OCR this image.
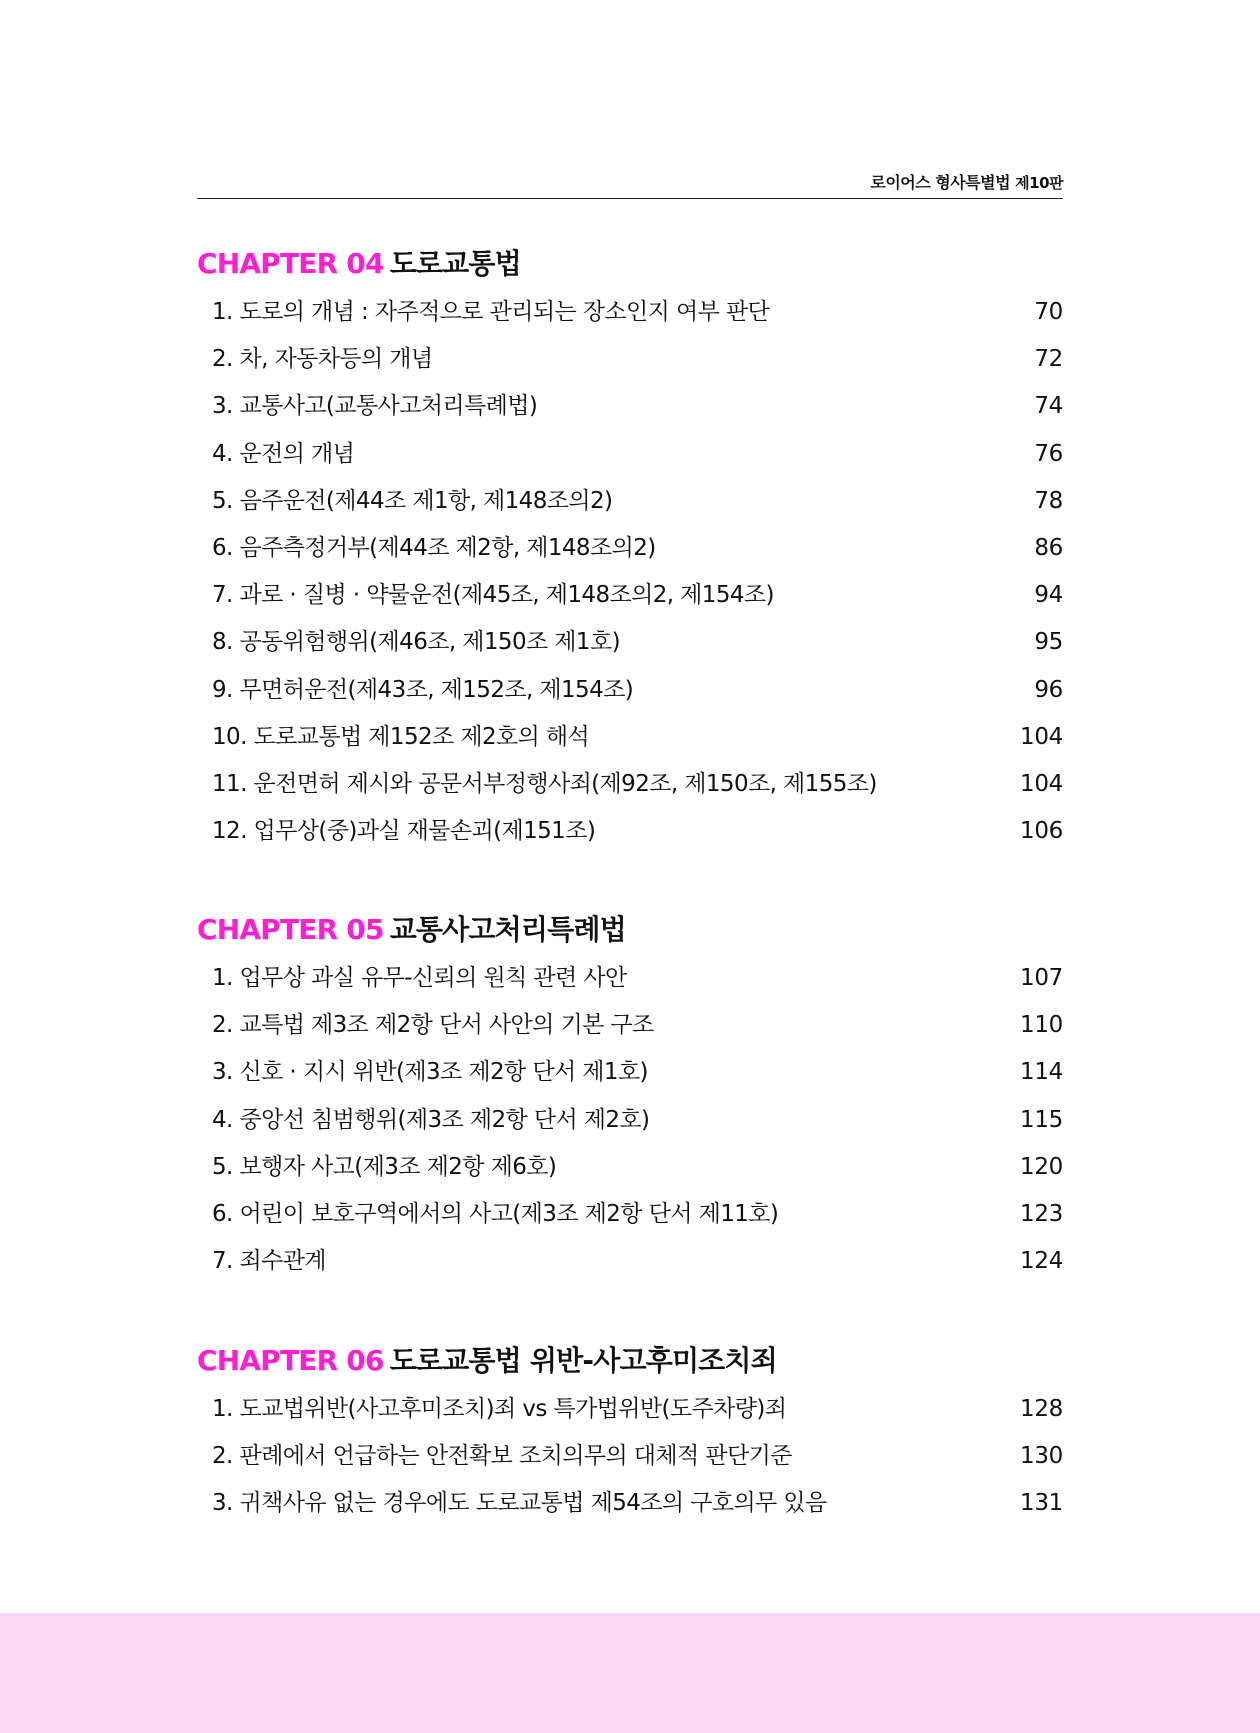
로이어스 형사특별법 제10판
CHAPTER 04 도로교통법
1. 도로의 개념 : 자주적으로 관리되는 장소인지 여부 판단	70
2. 차, 자동차등의 개념	72
3. 교통사고(교통사고처리특례법)	74
4. 운전의 개념	76
5. 음주운전(제44조 제1항, 제148조의2)	78
6. 음주측정거부(제44조 제2항, 제148조의2)	86
7. 과로 · 질병 · 약물운전(제45조, 제148조의2, 제154조)	94
8. 공동위험행위(제46조, 제150조 제1호)	95
9. 무면허운전(제43조, 제152조, 제154조)	96
10. 도로교통법 제152조 제2호의 해석	104
11. 운전면허 제시와 공문서부정행사죄(제92조, 제150조, 제155조)	104
12. 업무상(중)과실 재물손괴(제151조)	106
CHAPTER 05 교통사고처리특례법
1. 업무상 과실 유무-신뢰의 원칙 관련 사안	107
2. 교특법 제3조 제2항 단서 사안의 기본 구조	110
3. 신호 · 지시 위반(제3조 제2항 단서 제1호)	114
4. 중앙선 침범행위(제3조 제2항 단서 제2호)	115
5. 보행자 사고(제3조 제2항 제6호)	120
6. 어린이 보호구역에서의 사고(제3조 제2항 단서 제11호)	123
7. 죄수관계	124
CHAPTER 06 도로교통법 위반-사고후미조치죄
1. 도교법위반(사고후미조치)죄 vs 특가법위반(도주차량)죄	128
2. 판례에서 언급하는 안전확보 조치의무의 대체적 판단기준	130
3. 귀책사유 없는 경우에도 도로교통법 제54조의 구호의무 있음	131
